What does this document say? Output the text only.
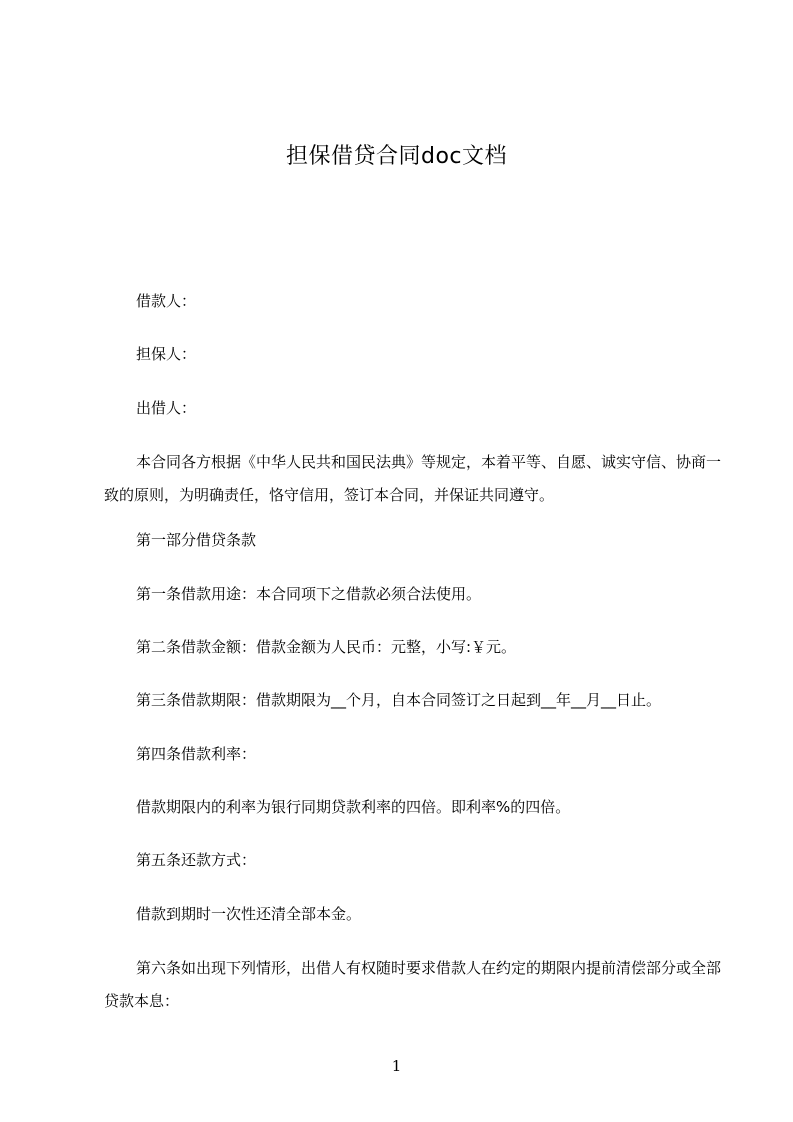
担保借贷合同doc文档
借款人：
担保人：
出借人：
本合同各方根据《中华人民共和国民法典》等规定，本着平等、自愿、诚实守信、协商一致的原则，为明确责任，恪守信用，签订本合同，并保证共同遵守。
第一部分借贷条款
第一条借款用途：本合同项下之借款必须合法使用。
第二条借款金额：借款金额为人民币：元整，小写:￥元。
第三条借款期限：借款期限为__个月，自本合同签订之日起到__年__月__日止。
第四条借款利率：
借款期限内的利率为银行同期贷款利率的四倍。即利率%的四倍。
第五条还款方式：
借款到期时一次性还清全部本金。
第六条如出现下列情形，出借人有权随时要求借款人在约定的期限内提前清偿部分或全部贷款本息：
1
